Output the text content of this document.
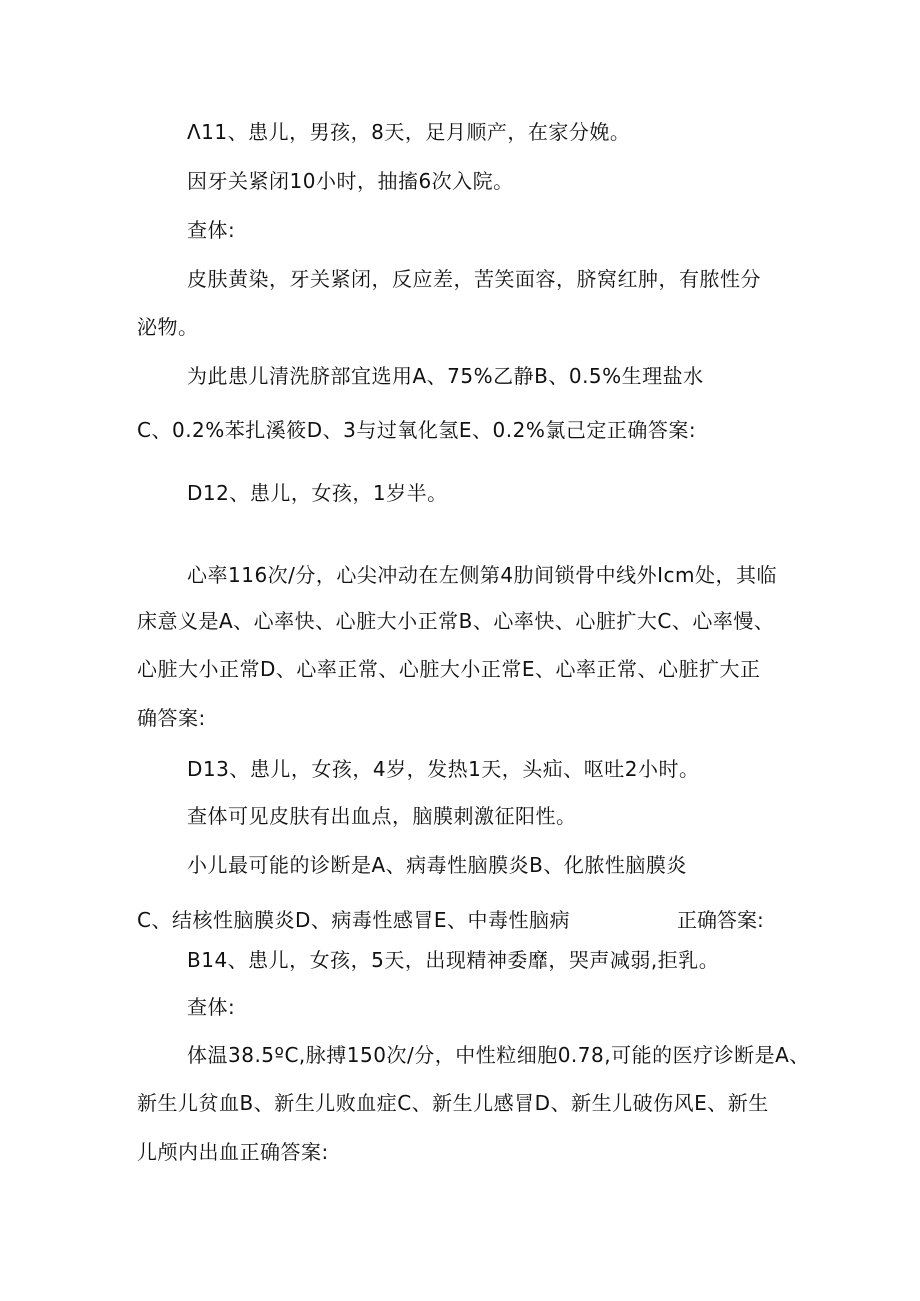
Λ11、患儿，男孩，8天，足月顺产，在家分娩。
因牙关紧闭10小时，抽搐6次入院。
查体:
皮肤黄染，牙关紧闭，反应差，苦笑面容，脐窝红肿，有脓性分
泌物。
为此患儿清洗脐部宜选用A、75%乙静B、0.5%生理盐水
C、0.2%苯扎溪筱D、3与过氧化氢E、0.2%氯己定正确答案:
D12、患儿，女孩，1岁半。
心率116次/分，心尖冲动在左侧第4肋间锁骨中线外Icm处，其临
床意义是A、心率快、心脏大小正常B、心率快、心脏扩大C、心率慢、
心脏大小正常D、心率正常、心脏大小正常E、心率正常、心脏扩大正
确答案:
D13、患儿，女孩，4岁，发热1天，头疝、呕吐2小时。
查体可见皮肤有出血点，脑膜刺激征阳性。
小儿最可能的诊断是A、病毒性脑膜炎B、化脓性脑膜炎
C、结核性脑膜炎D、病毒性感冒E、中毒性脑病	正确答案:
B14、患儿，女孩，5天，出现精神委靡，哭声减弱,拒乳。
查体:
体温38.5ºC,脉搏150次/分，中性粒细胞0.78,可能的医疗诊断是A、
新生儿贫血B、新生儿败血症C、新生儿感冒D、新生儿破伤风E、新生
儿颅内出血正确答案:
